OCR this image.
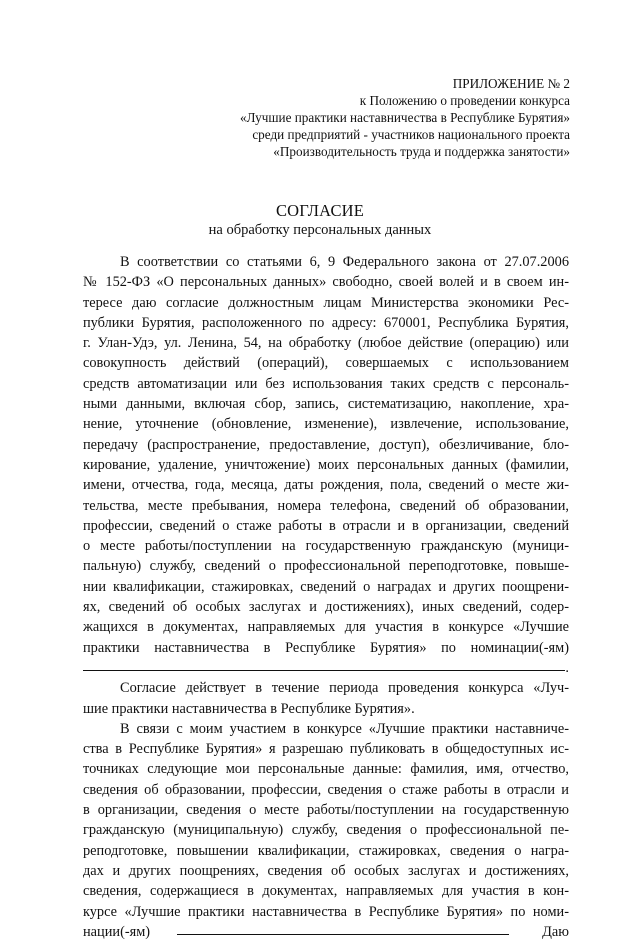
ПРИЛОЖЕНИЕ № 2
к Положению о проведении конкурса
«Лучшие практики наставничества в Республике Бурятия»
среди предприятий - участников национального проекта
«Производительность труда и поддержка занятости»
СОГЛАСИЕ
на обработку персональных данных
В соответствии со статьями 6, 9 Федерального закона от 27.07.2006
№ 152-ФЗ «О персональных данных» свободно, своей волей и в своем ин-
тересе даю согласие должностным лицам Министерства экономики Рес-
публики Бурятия, расположенного по адресу: 670001, Республика Бурятия,
г. Улан-Удэ, ул. Ленина, 54, на обработку (любое действие (операцию) или
совокупность действий (операций), совершаемых с использованием
средств автоматизации или без использования таких средств с персональ-
ными данными, включая сбор, запись, систематизацию, накопление, хра-
нение, уточнение (обновление, изменение), извлечение, использование,
передачу (распространение, предоставление, доступ), обезличивание, бло-
кирование, удаление, уничтожение) моих персональных данных (фамилии,
имени, отчества, года, месяца, даты рождения, пола, сведений о месте жи-
тельства, месте пребывания, номера телефона, сведений об образовании,
профессии, сведений о стаже работы в отрасли и в организации, сведений
о месте работы/поступлении на государственную гражданскую (муници-
пальную) службу, сведений о профессиональной переподготовке, повыше-
нии квалификации, стажировках, сведений о наградах и других поощрени-
ях, сведений об особых заслугах и достижениях), иных сведений, содер-
жащихся в документах, направляемых для участия в конкурсе «Лучшие
практики наставничества в Республике Бурятия» по номинации(-ям)
.
Согласие действует в течение периода проведения конкурса «Луч-
шие практики наставничества в Республике Бурятия».
В связи с моим участием в конкурсе «Лучшие практики наставниче-
ства в Республике Бурятия» я разрешаю публиковать в общедоступных ис-
точниках следующие мои персональные данные: фамилия, имя, отчество,
сведения об образовании, профессии, сведения о стаже работы в отрасли и
в организации, сведения о месте работы/поступлении на государственную
гражданскую (муниципальную) службу, сведения о профессиональной пе-
реподготовке, повышении квалификации, стажировках, сведения о награ-
дах и других поощрениях, сведения об особых заслугах и достижениях,
сведения, содержащиеся в документах, направляемых для участия в кон-
курсе «Лучшие практики наставничества в Республике Бурятия» по номи-
нации(-ям)	Даю
